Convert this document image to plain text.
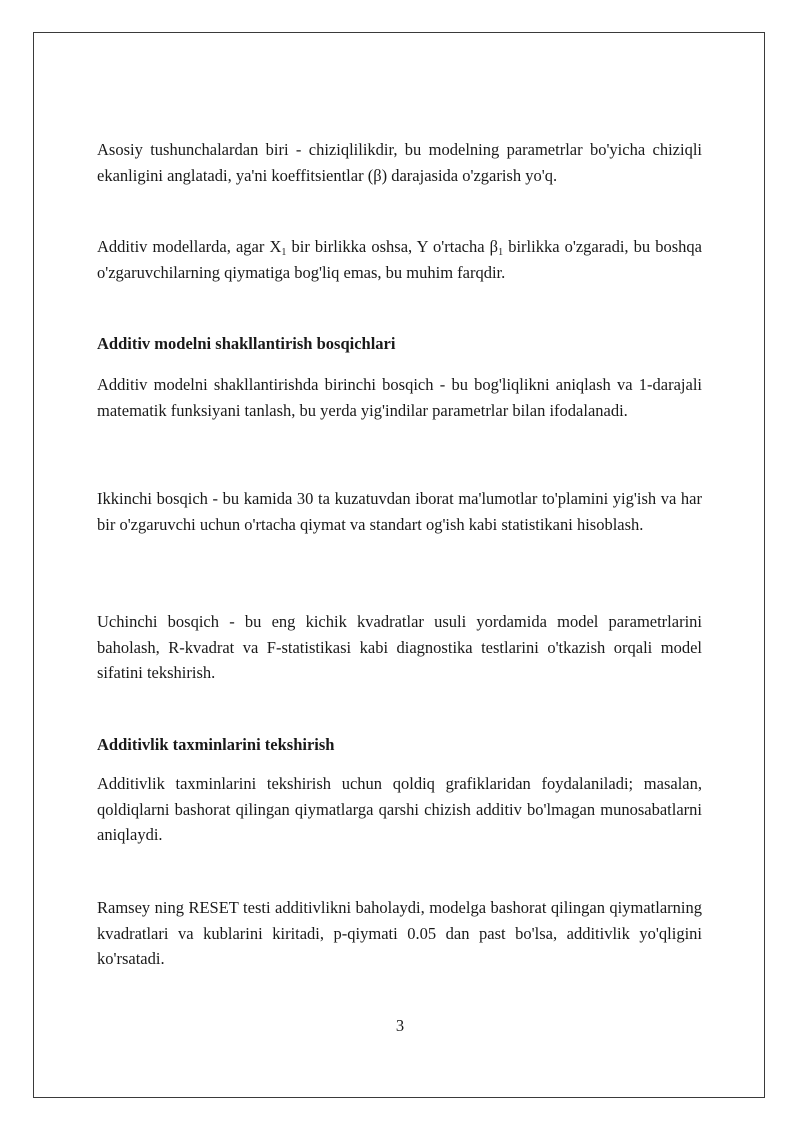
Asosiy tushunchalardan biri - chiziqlilikdir, bu modelning parametrlar bo'yicha chiziqli ekanligini anglatadi, ya'ni koeffitsientlar (β) darajasida o'zgarish yo'q.

Additiv modellarda, agar $X_1$ bir birlikka oshsa, Y o'rtacha $\beta_1$ birlikka o'zgaradi, bu boshqa o'zgaruvchilarning qiymatiga bog'liq emas, bu muhim farqdir.

Additiv modelni shakllantirish bosqichlari

Additiv modelni shakllantirishda birinchi bosqich - bu bog'liqlikni aniqlash va 1-darajali matematik funksiyani tanlash, bu yerda yig'indilar parametrlar bilan ifodalanadi.

Ikkinchi bosqich - bu kamida 30 ta kuzatuvdan iborat ma'lumotlar to'plamini yig'ish va har bir o'zgaruvchi uchun o'rtacha qiymat va standart og'ish kabi statistikani hisoblash.

Uchinchi bosqich - bu eng kichik kvadratlar usuli yordamida model parametrlarini baholash, R-kvadrat va F-statistikasi kabi diagnostika testlarini o'tkazish orqali model sifatini tekshirish.

Additivlik taxminlarini tekshirish

Additivlik taxminlarini tekshirish uchun qoldiq grafiklaridan foydalaniladi; masalan, qoldiqlarni bashorat qilingan qiymatlarga qarshi chizish additiv bo'lmagan munosabatlarni aniqlaydi.

Ramsey ning RESET testi additivlikni baholaydi, modelga bashorat qilingan qiymatlarning kvadratlari va kublarini kiritadi, p-qiymati 0.05 dan past bo'lsa, additivlik yo'qligini ko'rsatadi.

3
